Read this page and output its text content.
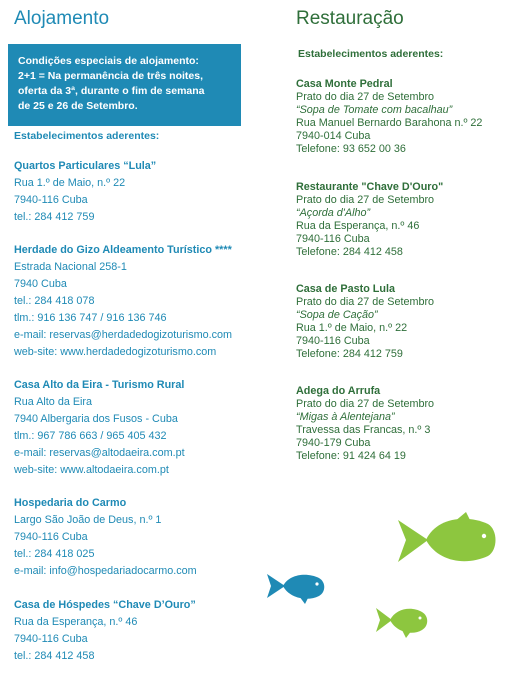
Alojamento
Condições especiais de alojamento:
2+1 = Na permanência de três noites,
oferta da 3ª, durante o fim de semana
de 25 e 26 de Setembro.
Estabelecimentos aderentes:
Quartos Particulares “Lula”
Rua 1.º de Maio, n.º 22
7940-116 Cuba
tel.: 284 412 759
Herdade do Gizo Aldeamento Turístico ****
Estrada Nacional 258-1
7940 Cuba
tel.: 284 418 078
tlm.: 916 136 747 / 916 136 746
e-mail: reservas@herdadedogizoturismo.com
web-site: www.herdadedogizoturismo.com
Casa Alto da Eira - Turismo Rural
Rua Alto da Eira
7940 Albergaria dos Fusos - Cuba
tlm.: 967 786 663 / 965 405 432
e-mail: reservas@altodaeira.com.pt
web-site: www.altodaeira.com.pt
Hospedaria do Carmo
Largo São João de Deus, n.º 1
7940-116 Cuba
tel.: 284 418 025
e-mail: info@hospedariadocarmo.com
Casa de Hóspedes “Chave D’Ouro”
Rua da Esperança, n.º 46
7940-116 Cuba
tel.: 284 412 458
Restauração
Estabelecimentos aderentes:
Casa Monte Pedral
Prato do dia 27 de Setembro
“Sopa de Tomate com bacalhau”
Rua Manuel Bernardo Barahona n.º 22
7940-014 Cuba
Telefone: 93 652 00 36
Restaurante "Chave D'Ouro"
Prato do dia 27 de Setembro
“Açorda d'Alho”
Rua da Esperança, n.º 46
7940-116 Cuba
Telefone: 284 412 458
Casa de Pasto Lula
Prato do dia 27 de Setembro
“Sopa de Cação”
Rua 1.º de Maio, n.º 22
7940-116 Cuba
Telefone: 284 412 759
Adega do Arrufa
Prato do dia 27 de Setembro
“Migas à Alentejana”
Travessa das Francas, n.º 3
7940-179 Cuba
Telefone: 91 424 64 19
